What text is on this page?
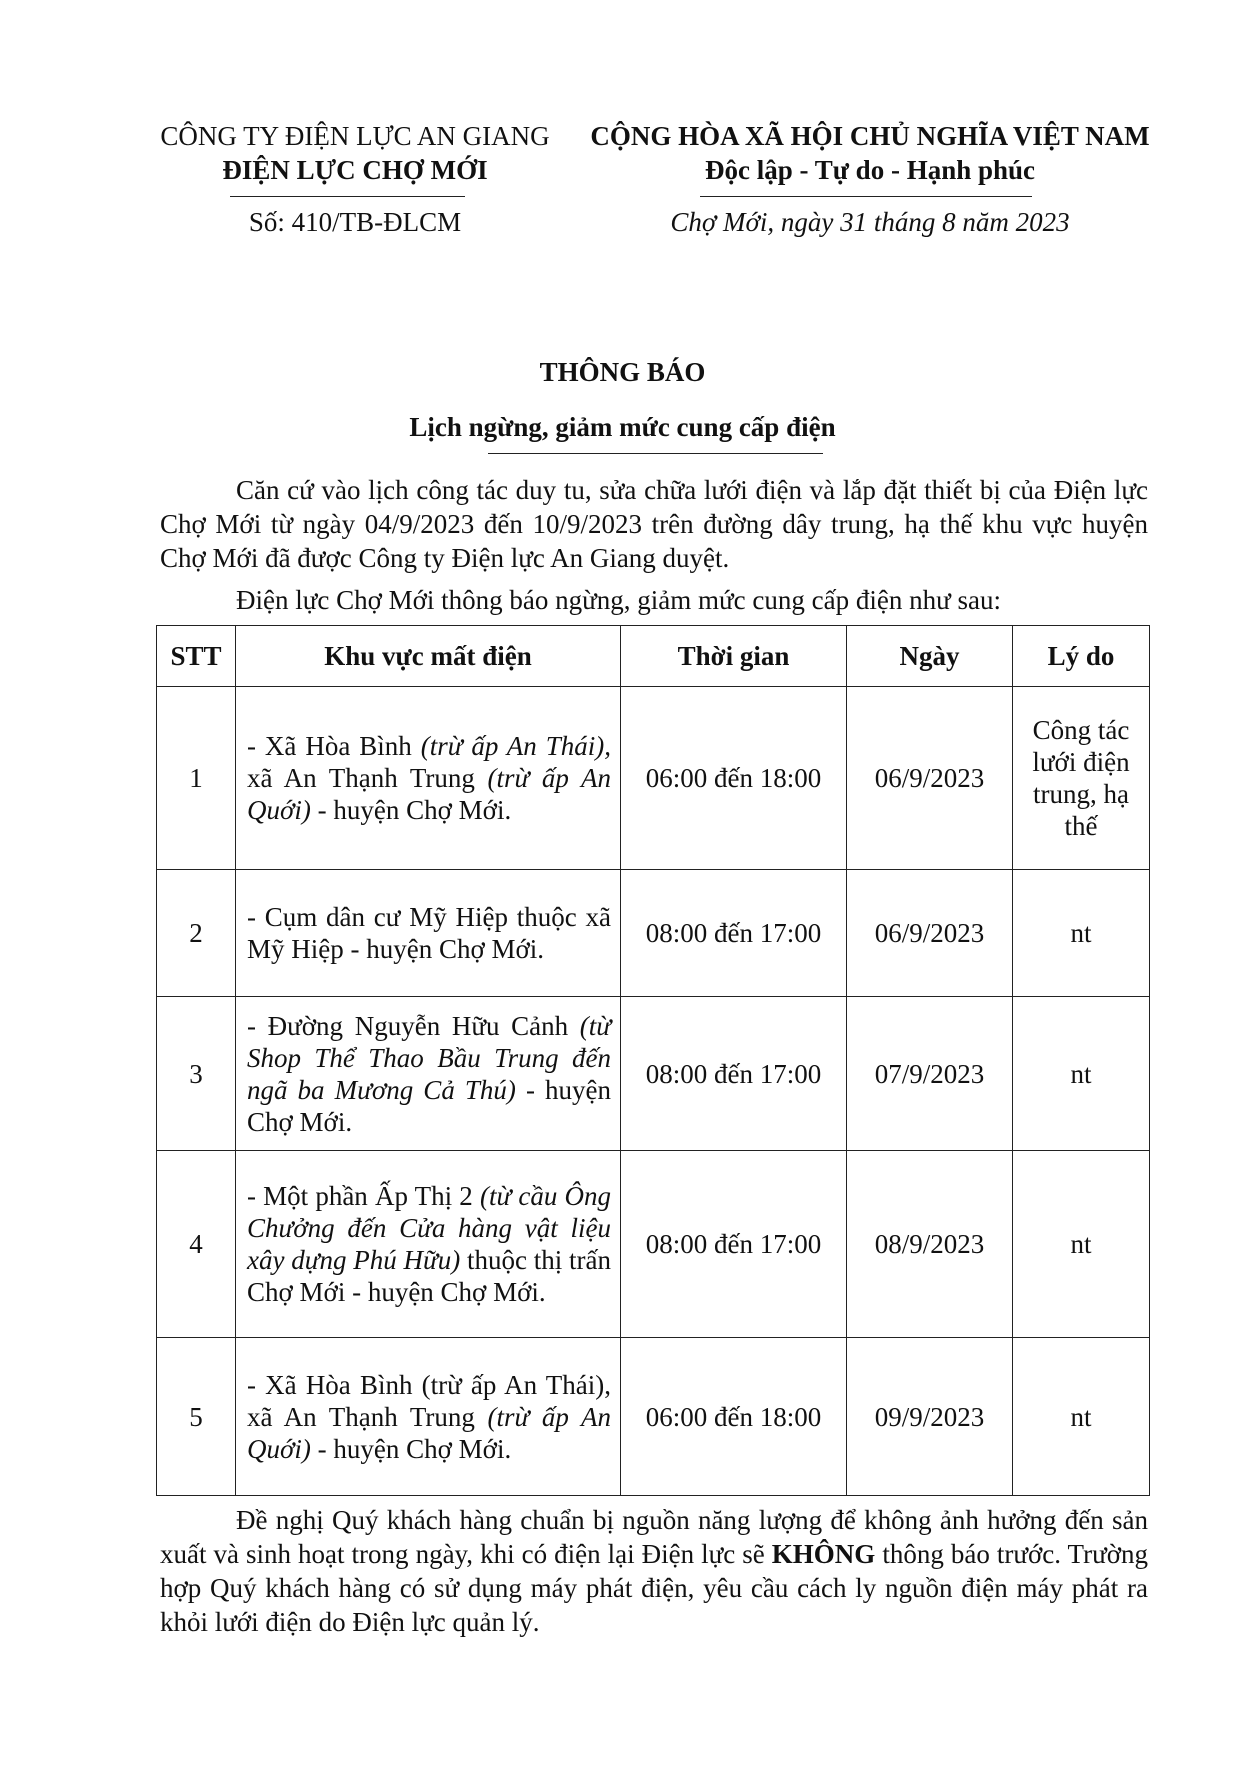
CÔNG TY ĐIỆN LỰC AN GIANG
ĐIỆN LỰC CHỢ MỚI
Số: 410/TB-ĐLCM
CỘNG HÒA XÃ HỘI CHỦ NGHĨA VIỆT NAM
Độc lập - Tự do - Hạnh phúc
Chợ Mới, ngày 31 tháng 8 năm 2023
THÔNG BÁO
Lịch ngừng, giảm mức cung cấp điện
Căn cứ vào lịch công tác duy tu, sửa chữa lưới điện và lắp đặt thiết bị của Điện lực Chợ Mới từ ngày 04/9/2023 đến 10/9/2023 trên đường dây trung, hạ thế khu vực huyện Chợ Mới đã được Công ty Điện lực An Giang duyệt.
Điện lực Chợ Mới thông báo ngừng, giảm mức cung cấp điện như sau:
STT	Khu vực mất điện	Thời gian	Ngày	Lý do
1	- Xã Hòa Bình (trừ ấp An Thái), xã An Thạnh Trung (trừ ấp An Quới) - huyện Chợ Mới.	06:00 đến 18:00	06/9/2023	Công tác lưới điện trung, hạ thế
2	- Cụm dân cư Mỹ Hiệp thuộc xã Mỹ Hiệp - huyện Chợ Mới.	08:00 đến 17:00	06/9/2023	nt
3	- Đường Nguyễn Hữu Cảnh (từ Shop Thể Thao Bầu Trung đến ngã ba Mương Cả Thú) - huyện Chợ Mới.	08:00 đến 17:00	07/9/2023	nt
4	- Một phần Ấp Thị 2 (từ cầu Ông Chưởng đến Cửa hàng vật liệu xây dựng Phú Hữu) thuộc thị trấn Chợ Mới - huyện Chợ Mới.	08:00 đến 17:00	08/9/2023	nt
5	- Xã Hòa Bình (trừ ấp An Thái), xã An Thạnh Trung (trừ ấp An Quới) - huyện Chợ Mới.	06:00 đến 18:00	09/9/2023	nt
Đề nghị Quý khách hàng chuẩn bị nguồn năng lượng để không ảnh hưởng đến sản xuất và sinh hoạt trong ngày, khi có điện lại Điện lực sẽ KHÔNG thông báo trước. Trường hợp Quý khách hàng có sử dụng máy phát điện, yêu cầu cách ly nguồn điện máy phát ra khỏi lưới điện do Điện lực quản lý.
